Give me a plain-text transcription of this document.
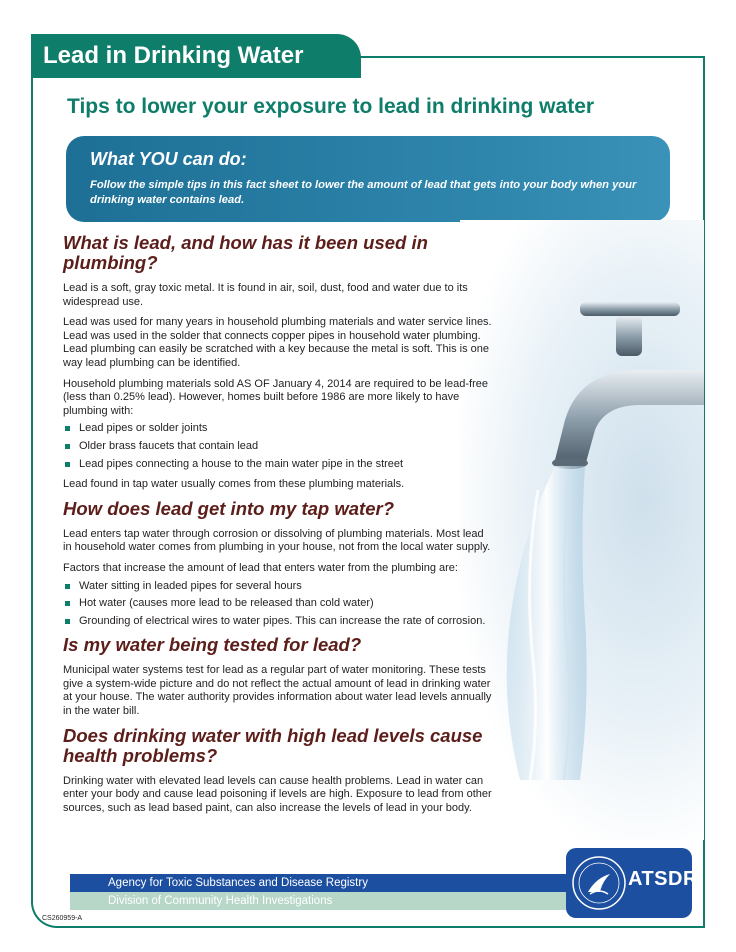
Lead in Drinking Water
Tips to lower your exposure to lead in drinking water
What YOU can do:

Follow the simple tips in this fact sheet to lower the amount of lead that gets into your body when your drinking water contains lead.

What is lead, and how has it been used in plumbing?

Lead is a soft, gray toxic metal. It is found in air, soil, dust, food and water due to its widespread use.

Lead was used for many years in household plumbing materials and water service lines. Lead was used in the solder that connects copper pipes in household water plumbing. Lead plumbing can easily be scratched with a key because the metal is soft. This is one way lead plumbing can be identified.

Household plumbing materials sold AS OF January 4, 2014 are required to be lead-free (less than 0.25% lead). However, homes built before 1986 are more likely to have plumbing with:

Lead pipes or solder joints
Older brass faucets that contain lead
Lead pipes connecting a house to the main water pipe in the street

Lead found in tap water usually comes from these plumbing materials.

How does lead get into my tap water?

Lead enters tap water through corrosion or dissolving of plumbing materials. Most lead in household water comes from plumbing in your house, not from the local water supply.

Factors that increase the amount of lead that enters water from the plumbing are:

Water sitting in leaded pipes for several hours
Hot water (causes more lead to be released than cold water)
Grounding of electrical wires to water pipes. This can increase the rate of corrosion.
Is my water being tested for lead?

Municipal water systems test for lead as a regular part of water monitoring. These tests give a system-wide picture and do not reflect the actual amount of lead in drinking water at your house. The water authority provides information about water lead levels annually in the water bill.

Does drinking water with high lead levels cause health problems?

Drinking water with elevated lead levels can cause health problems. Lead in water can enter your body and cause lead poisoning if levels are high. Exposure to lead from other sources, such as lead based paint, can also increase the levels of lead in your body.

Agency for Toxic Substances and Disease Registry
Division of Community Health Investigations
ATSDR
CS260959-A
